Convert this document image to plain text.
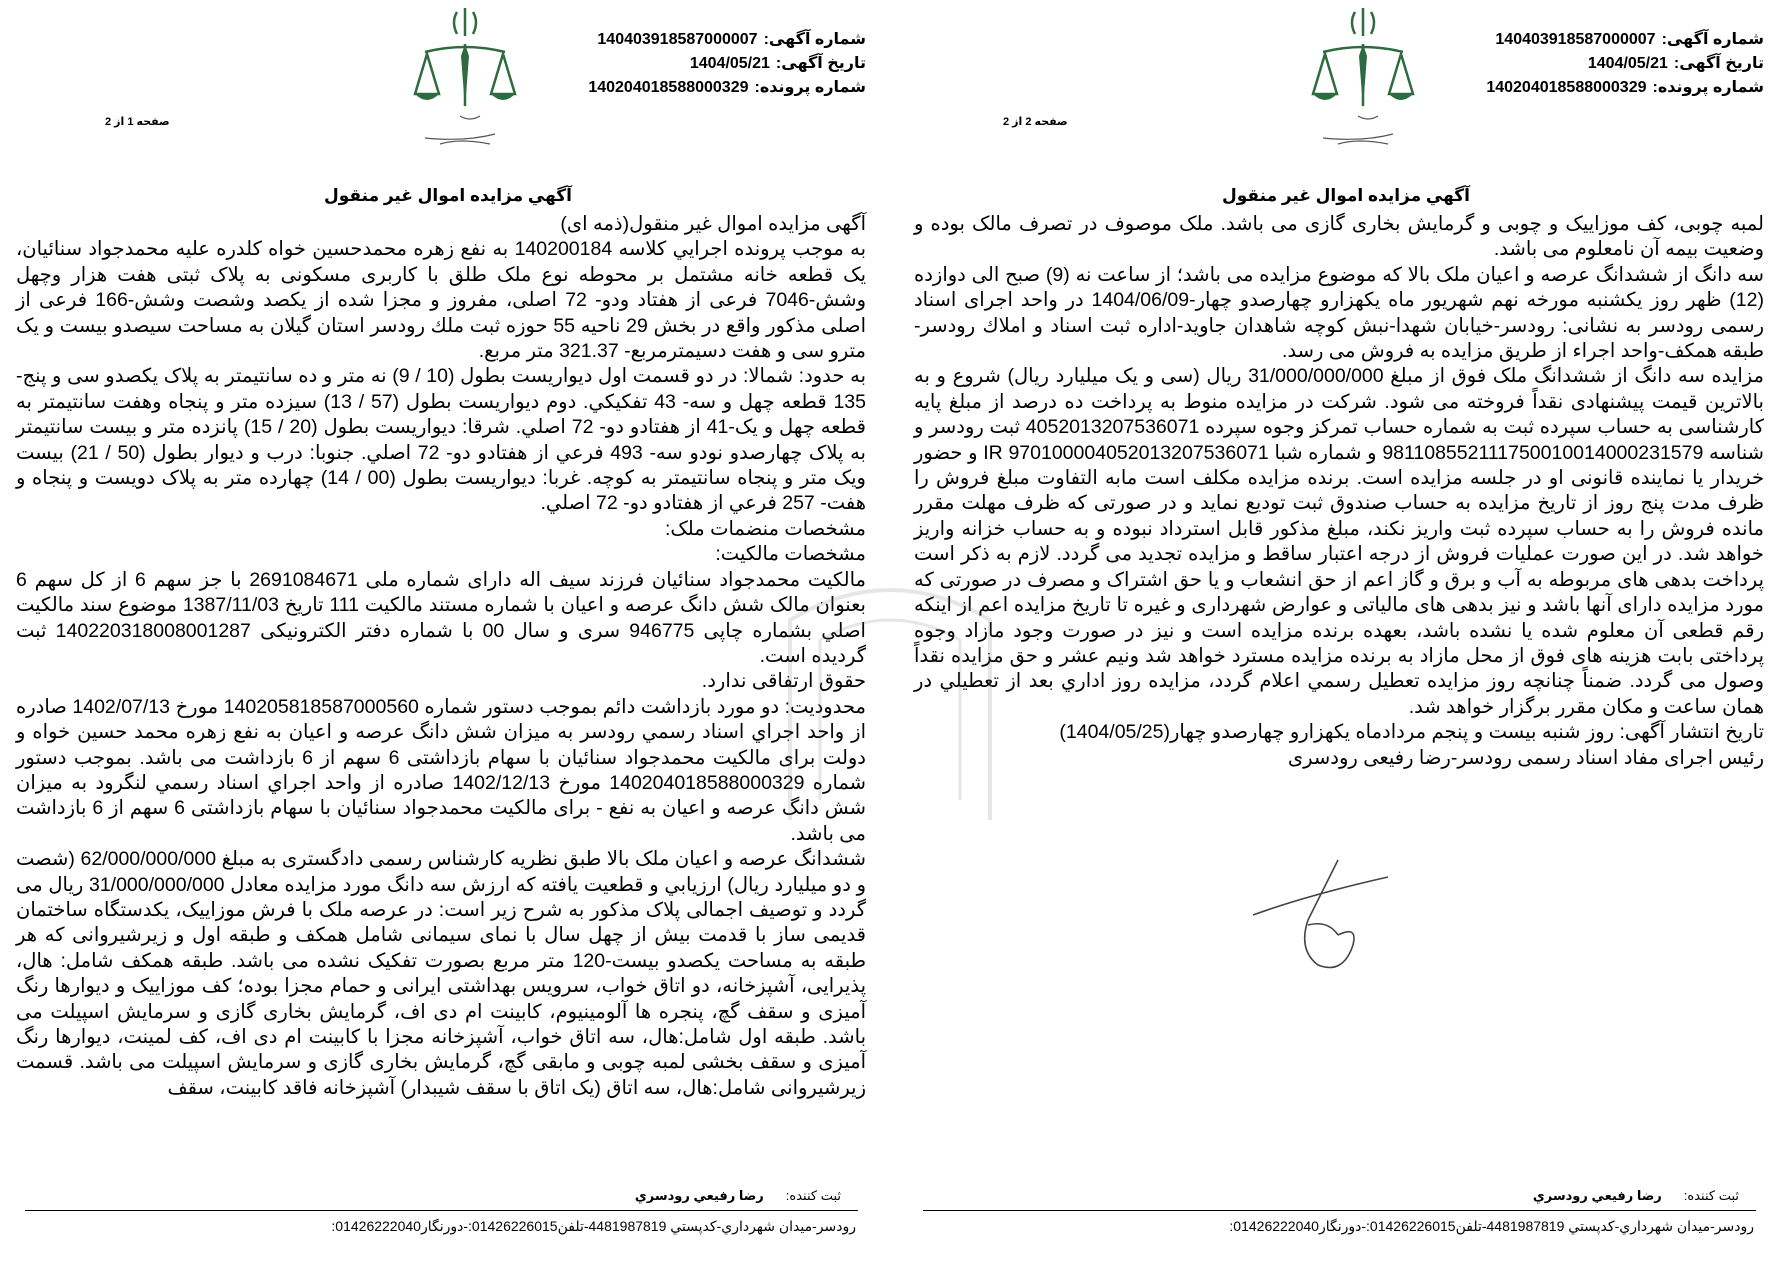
شماره آگهی:140403918587000007
تاریخ آگهی:1404/05/21
شماره پرونده:140204018588000329
صفحه 1 از 2
آگهي مزايده اموال غير منقول

آگهی مزایده اموال غیر منقول(ذمه ای)

به موجب پرونده اجرايي كلاسه 140200184 به نفع زهره محمدحسین خواه کلدره علیه محمدجواد سنائیان، یک قطعه خانه مشتمل بر محوطه نوع ملک طلق با کاربری مسکونی به پلاک ثبتی هفت هزار وچهل وشش-7046 فرعی از هفتاد ودو- 72 اصلی، مفروز و مجزا شده از یکصد وشصت وشش-166 فرعی از اصلی مذکور واقع در بخش 29 ناحیه 55 حوزه ثبت ملك رودسر استان گیلان به مساحت سیصدو بیست و یک مترو سی و هفت دسیمترمربع- 321.37 متر مربع.

به حدود: شمالا: در دو قسمت اول دیواریست بطول (10 / 9) نه متر و ده سانتیمتر به پلاک یکصدو سی و پنج- 135 قطعه چهل و سه- 43 تفكيكي. دوم دیواریست بطول (57 / 13) سیزده متر و پنجاه وهفت سانتیمتر به قطعه چهل و یک-41 از هفتادو دو- 72 اصلي. شرقا: دیواریست بطول (20 / 15) پانزده متر و بیست سانتیمتر به پلاک چهارصدو نودو سه- 493 فرعي از هفتادو دو- 72 اصلي. جنوبا: درب و دیوار بطول (50 / 21) بیست ویک متر و پنجاه سانتیمتر به کوچه. غربا: دیواریست بطول (00 / 14) چهارده متر به پلاک دویست و پنجاه و هفت- 257 فرعي از هفتادو دو- 72 اصلي.

مشخصات منضمات ملک:

مشخصات مالکیت:

مالکیت محمدجواد سنائیان فرزند سیف اله دارای شماره ملی 2691084671 با جز سهم 6 از کل سهم 6 بعنوان مالک شش دانگ عرصه و اعیان با شماره مستند مالکیت 111 تاریخ 1387/11/03 موضوع سند مالكيت اصلي بشماره چاپی 946775 سری و سال 00 با شماره دفتر الکترونیکی 140220318008001287 ثبت گردیده است.

حقوق ارتفاقی ندارد.

محدودیت: دو مورد بازداشت دائم بموجب دستور شماره 140205818587000560 مورخ 1402/07/13 صادره از واحد اجراي اسناد رسمي رودسر به میزان شش دانگ عرصه و اعیان به نفع زهره محمد حسین خواه و دولت برای مالکیت محمدجواد سنائیان با سهام بازداشتی 6 سهم از 6 بازداشت می باشد. بموجب دستور شماره 140204018588000329 مورخ 1402/12/13 صادره از واحد اجراي اسناد رسمي لنگرود به میزان شش دانگ عرصه و اعیان به نفع - برای مالکیت محمدجواد سنائیان با سهام بازداشتی 6 سهم از 6 بازداشت می باشد.

ششدانگ عرصه و اعیان ملک بالا طبق نظریه کارشناس رسمی دادگستری به مبلغ 62/000/000/000 (شصت و دو میلیارد ریال) ارزيابي و قطعیت یافته که ارزش سه دانگ مورد مزایده معادل 31/000/000/000 ریال می گردد و توصیف اجمالی پلاک مذکور به شرح زیر است: در عرصه ملک با فرش موزاییک، یکدستگاه ساختمان قدیمی ساز با قدمت بیش از چهل سال با نمای سیمانی شامل همکف و طبقه اول و زیرشیروانی که هر طبقه به مساحت یکصدو بیست-120 متر مربع بصورت تفکیک نشده می باشد. طبقه همکف شامل: هال، پذیرایی، آشپزخانه، دو اتاق خواب، سرویس بهداشتی ایرانی و حمام مجزا بوده؛ کف موزاییک و دیوارها رنگ آمیزی و سقف گچ، پنجره ها آلومینیوم، کابینت ام دی اف، گرمایش بخاری گازی و سرمایش اسپیلت می باشد. طبقه اول شامل:هال، سه اتاق خواب، آشپزخانه مجزا با کابینت ام دی اف، کف لمینت، دیوارها رنگ آمیزی و سقف بخشی لمبه چوبی و مابقی گچ، گرمایش بخاری گازی و سرمایش اسپیلت می باشد. قسمت زیرشیروانی شامل:هال، سه اتاق (یک اتاق با سقف شیبدار) آشپزخانه فاقد کابینت، سقف

ثبت کننده:رضا رفيعي رودسري
رودسر-ميدان شهرداري-كدپستي 4481987819-تلفن01426226015:-دورنگار01426222040:
شماره آگهی:140403918587000007
تاریخ آگهی:1404/05/21
شماره پرونده:140204018588000329
صفحه 2 از 2
آگهي مزايده اموال غير منقول

لمبه چوبی، کف موزاییک و چوبی و گرمایش بخاری گازی می باشد. ملک موصوف در تصرف مالک بوده و وضعیت بیمه آن نامعلوم می باشد.

سه دانگ از ششدانگ عرصه و اعیان ملک بالا که موضوع مزایده می باشد؛ از ساعت نه (9) صبح الی دوازده (12) ظهر روز یکشنبه مورخه نهم شهریور ماه یکهزارو چهارصدو چهار-1404/06/09 در واحد اجرای اسناد رسمی رودسر به نشانی: رودسر-خیابان شهدا-نبش کوچه شاهدان جاوید-اداره ثبت اسناد و املاك رودسر-طبقه همکف-واحد اجراء از طریق مزایده به فروش می رسد.

مزایده سه دانگ از ششدانگ ملک فوق از مبلغ 31/000/000/000 ریال (سی و یک میلیارد ریال) شروع و به بالاترین قیمت پیشنهادی نقداً فروخته می شود. شرکت در مزایده منوط به پرداخت ده درصد از مبلغ پایه کارشناسی به حساب سپرده ثبت به شماره حساب تمرکز وجوه سپرده 4052013207536071 ثبت رودسر و شناسه 981108552111750010014000231579 و شماره شبا IR 970100004052013207536071 و حضور خریدار یا نماینده قانونی او در جلسه مزایده است. برنده مزایده مکلف است مابه التفاوت مبلغ فروش را ظرف مدت پنج روز از تاریخ مزایده به حساب صندوق ثبت تودیع نماید و در صورتی که ظرف مهلت مقرر مانده فروش را به حساب سپرده ثبت واریز نکند، مبلغ مذکور قابل استرداد نبوده و به حساب خزانه واریز خواهد شد. در این صورت عملیات فروش از درجه اعتبار ساقط و مزایده تجدید می گردد. لازم به ذکر است پرداخت بدهی های مربوطه به آب و برق و گاز اعم از حق انشعاب و یا حق اشتراک و مصرف در صورتی که مورد مزایده دارای آنها باشد و نیز بدهی های مالیاتی و عوارض شهرداری و غیره تا تاریخ مزایده اعم از اینکه رقم قطعی آن معلوم شده یا نشده باشد، بعهده برنده مزایده است و نیز در صورت وجود مازاد وجوه پرداختی بابت هزینه های فوق از محل مازاد به برنده مزایده مسترد خواهد شد ونیم عشر و حق مزایده نقداً وصول می گردد. ضمناً چنانچه روز مزایده تعطیل رسمي اعلام گردد، مزایده روز اداري بعد از تعطیلي در همان ساعت و مکان مقرر برگزار خواهد شد.

تاریخ انتشار آگهی: روز شنبه بیست و پنجم مردادماه یکهزارو چهارصدو چهار(1404/05/25)

رئیس اجرای مفاد اسناد رسمی رودسر-رضا رفیعی رودسری

ثبت کننده:رضا رفيعي رودسري
رودسر-ميدان شهرداري-كدپستي 4481987819-تلفن01426226015:-دورنگار01426222040:
